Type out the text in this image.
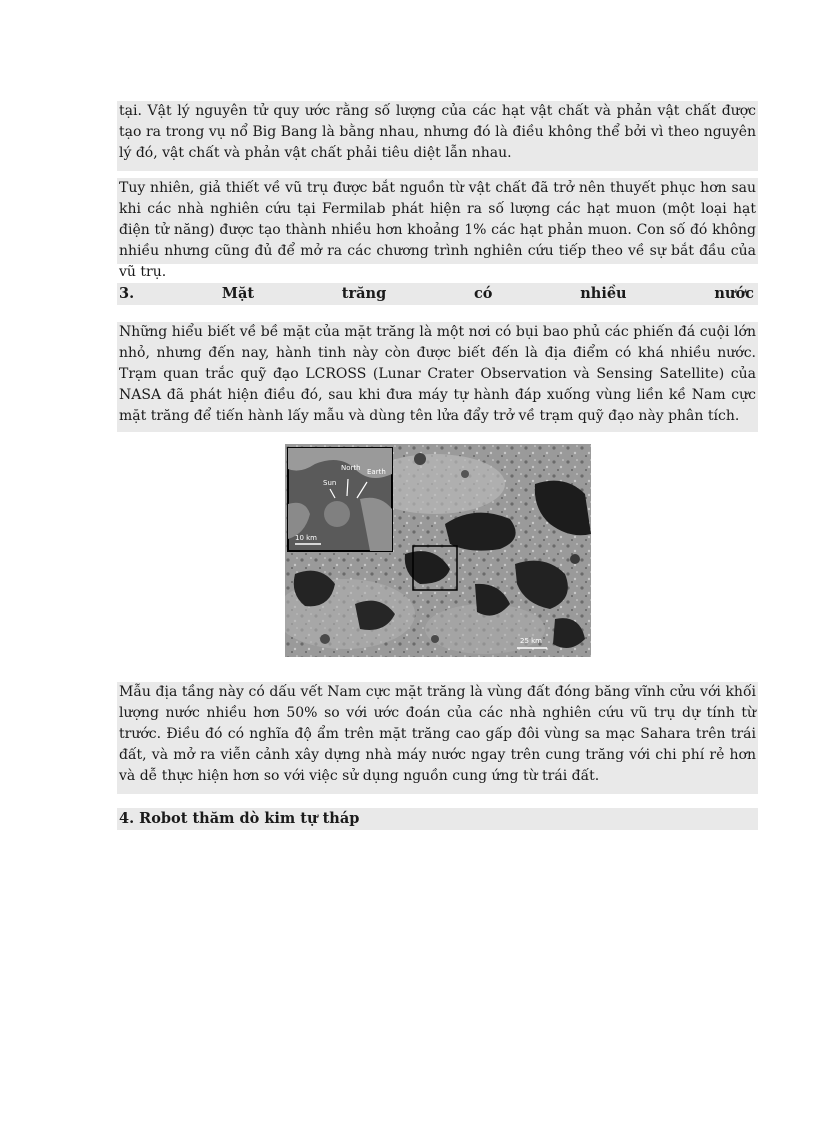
tại. Vật lý nguyên tử quy ước rằng số lượng của các hạt vật chất và phản vật chất được tạo ra trong vụ nổ Big Bang là bằng nhau, nhưng đó là điều không thể bởi vì theo nguyên lý đó, vật chất và phản vật chất phải tiêu diệt lẫn nhau.
Tuy nhiên, giả thiết về vũ trụ được bắt nguồn từ vật chất đã trở nên thuyết phục hơn sau khi các nhà nghiên cứu tại Fermilab phát hiện ra số lượng các hạt muon (một loại hạt điện tử năng) được tạo thành nhiều hơn khoảng 1% các hạt phản muon. Con số đó không nhiều nhưng cũng đủ để mở ra các chương trình nghiên cứu tiếp theo về sự bắt đầu của vũ trụ.
3.	Mặt	trăng	có	nhiều	nước
Những hiểu biết về bề mặt của mặt trăng là một nơi có bụi bao phủ các phiến đá cuội lớn nhỏ, nhưng đến nay, hành tinh này còn được biết đến là địa điểm có khá nhiều nước. Trạm quan trắc quỹ đạo LCROSS (Lunar Crater Observation và Sensing Satellite) của NASA đã phát hiện điều đó, sau khi đưa máy tự hành đáp xuống vùng liền kề Nam cực mặt trăng để tiến hành lấy mẫu và dùng tên lửa đẩy trở về trạm quỹ đạo này phân tích.
Sun
North Earth
10 km
25 km
Mẫu địa tầng này có dấu vết Nam cực mặt trăng là vùng đất đóng băng vĩnh cửu với khối lượng nước nhiều hơn 50% so với ước đoán của các nhà nghiên cứu vũ trụ dự tính từ trước. Điều đó có nghĩa độ ẩm trên mặt trăng cao gấp đôi vùng sa mạc Sahara trên trái đất, và mở ra viễn cảnh xây dựng nhà máy nước ngay trên cung trăng với chi phí rẻ hơn và dễ thực hiện hơn so với việc sử dụng nguồn cung ứng từ trái đất.
4. Robot thăm dò kim tự tháp
